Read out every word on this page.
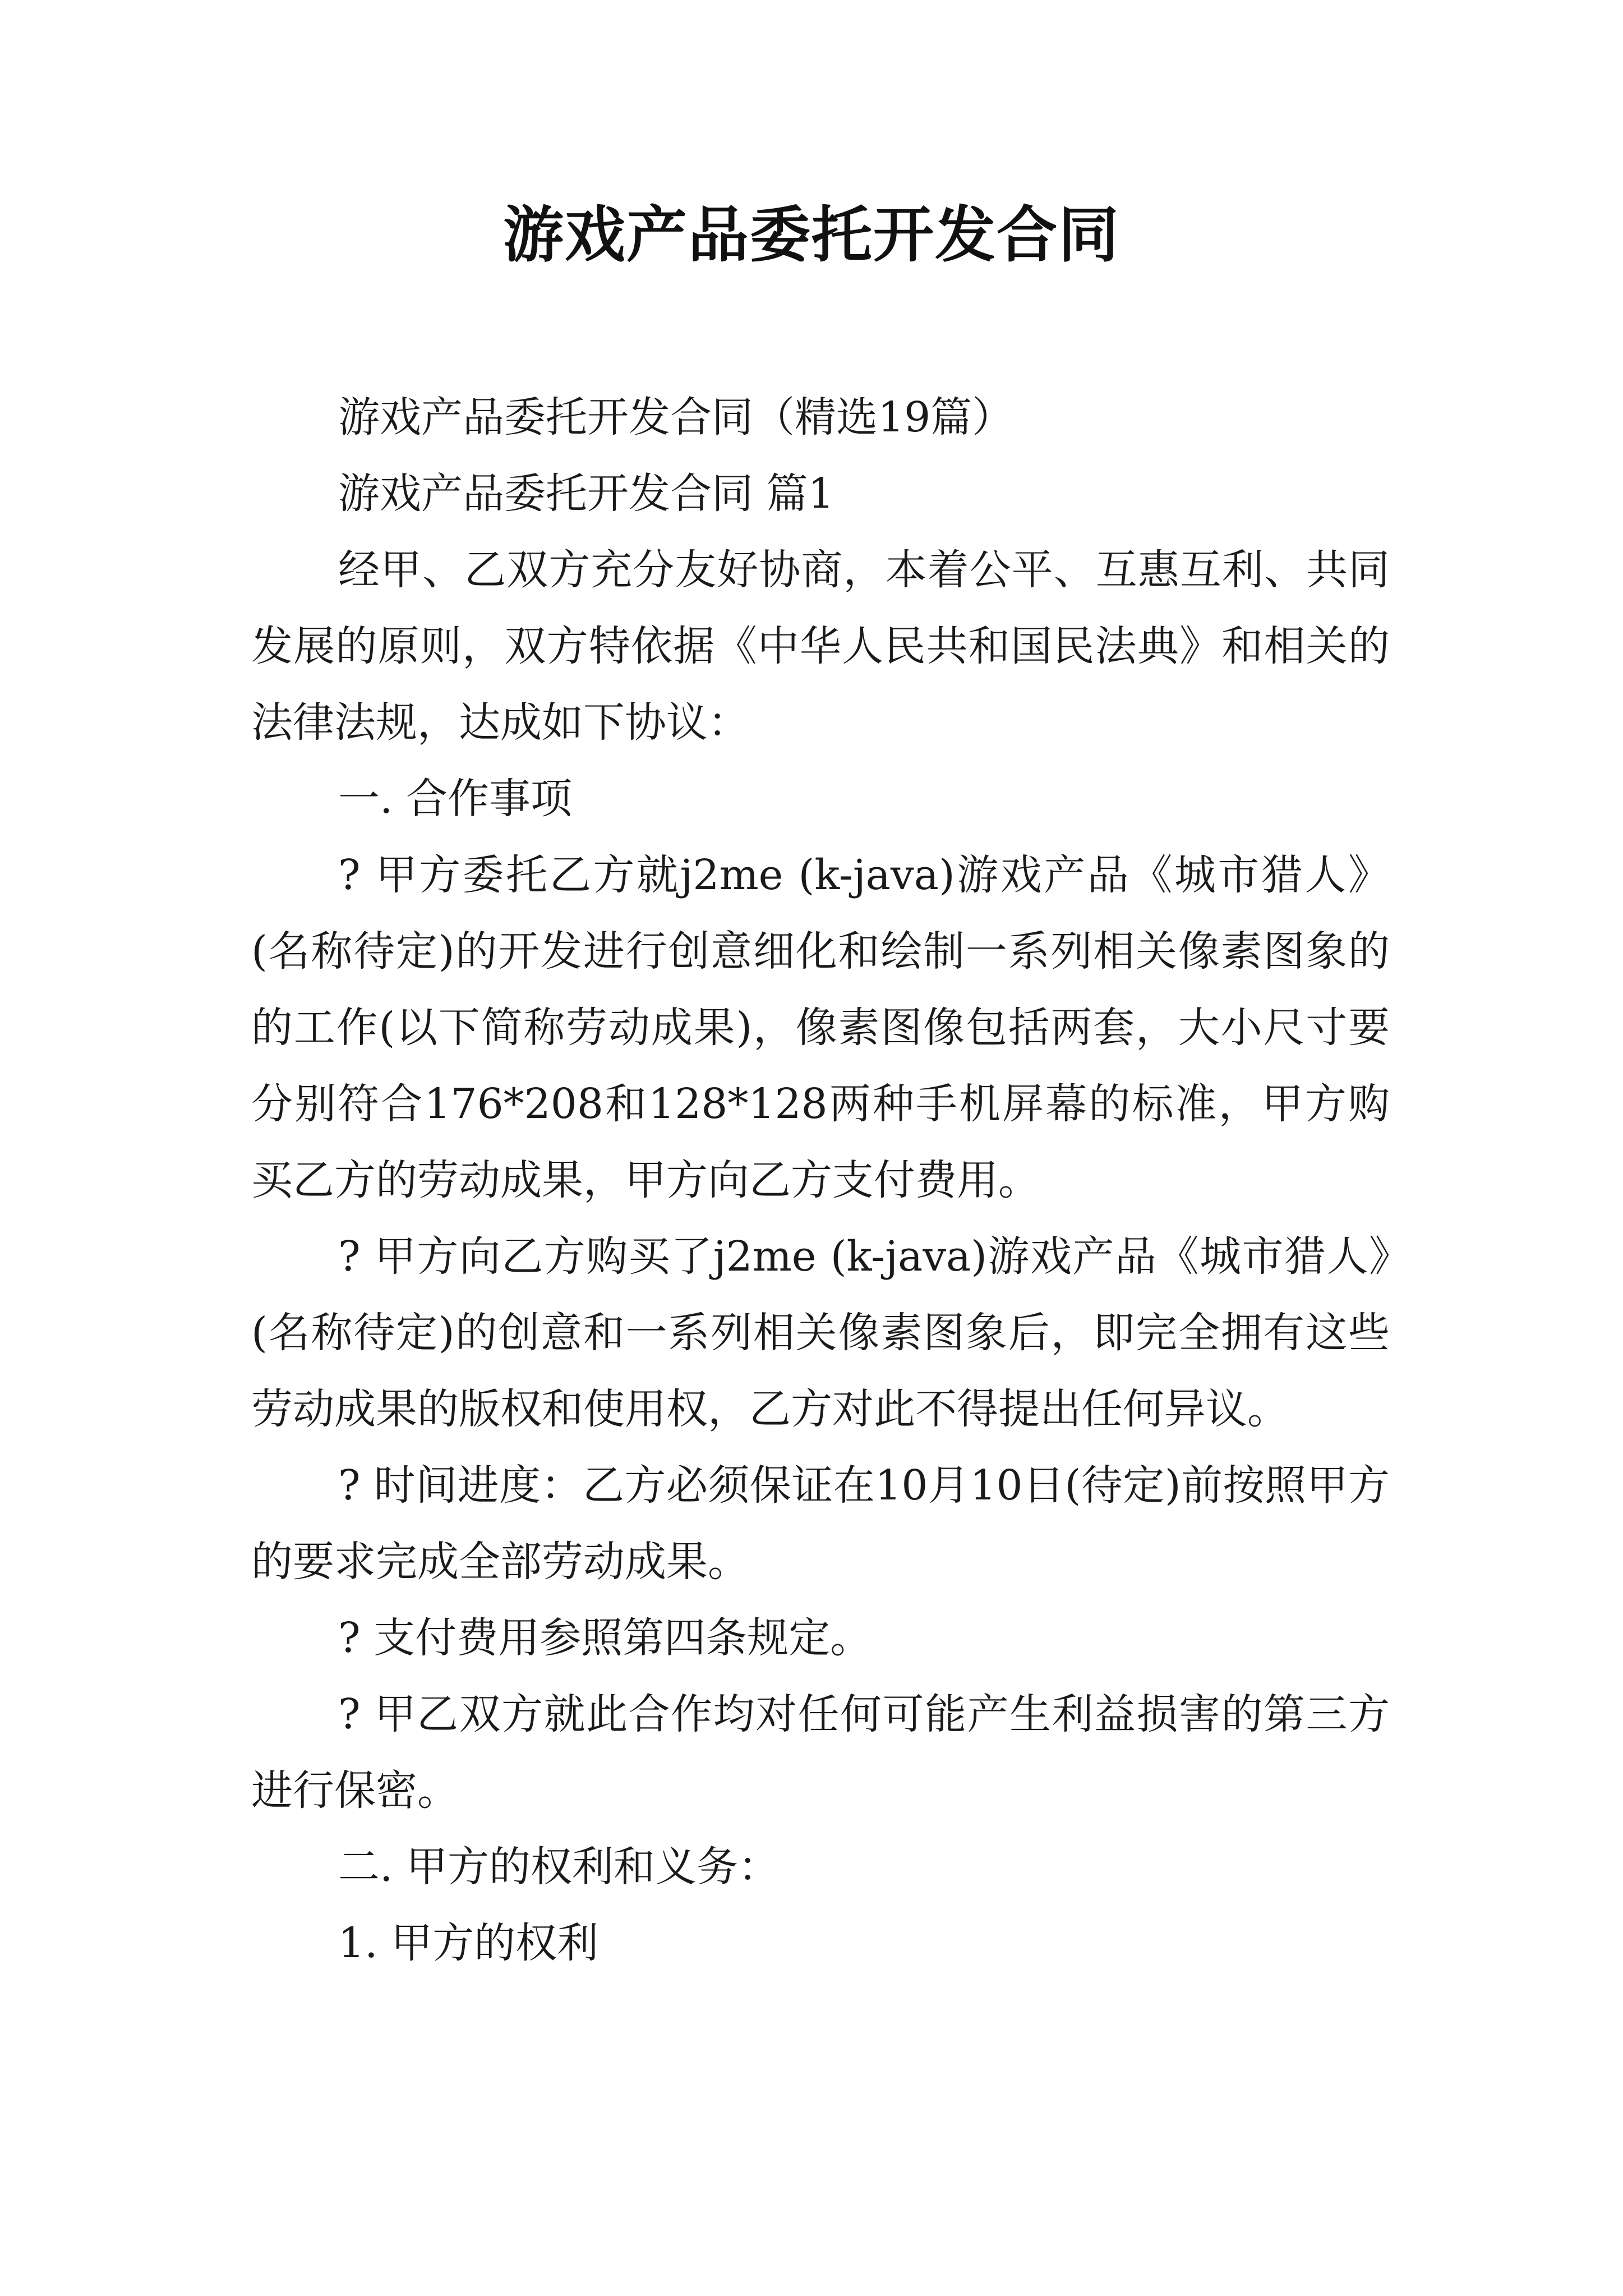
游戏产品委托开发合同

游戏产品委托开发合同（精选19篇）

游戏产品委托开发合同 篇1

经甲、乙双方充分友好协商，本着公平、互惠互利、共同发展的原则，双方特依据《中华人民共和国民法典》和相关的法律法规，达成如下协议：

一. 合作事项

? 甲方委托乙方就j2me (k-java)游戏产品《城市猎人》(名称待定)的开发进行创意细化和绘制一系列相关像素图象的的工作(以下简称劳动成果)，像素图像包括两套，大小尺寸要分别符合176*208和128*128两种手机屏幕的标准，甲方购买乙方的劳动成果，甲方向乙方支付费用。

? 甲方向乙方购买了j2me (k-java)游戏产品《城市猎人》(名称待定)的创意和一系列相关像素图象后，即完全拥有这些劳动成果的版权和使用权，乙方对此不得提出任何异议。

? 时间进度：乙方必须保证在10月10日(待定)前按照甲方的要求完成全部劳动成果。

? 支付费用参照第四条规定。

? 甲乙双方就此合作均对任何可能产生利益损害的第三方进行保密。

二. 甲方的权利和义务：

1. 甲方的权利
